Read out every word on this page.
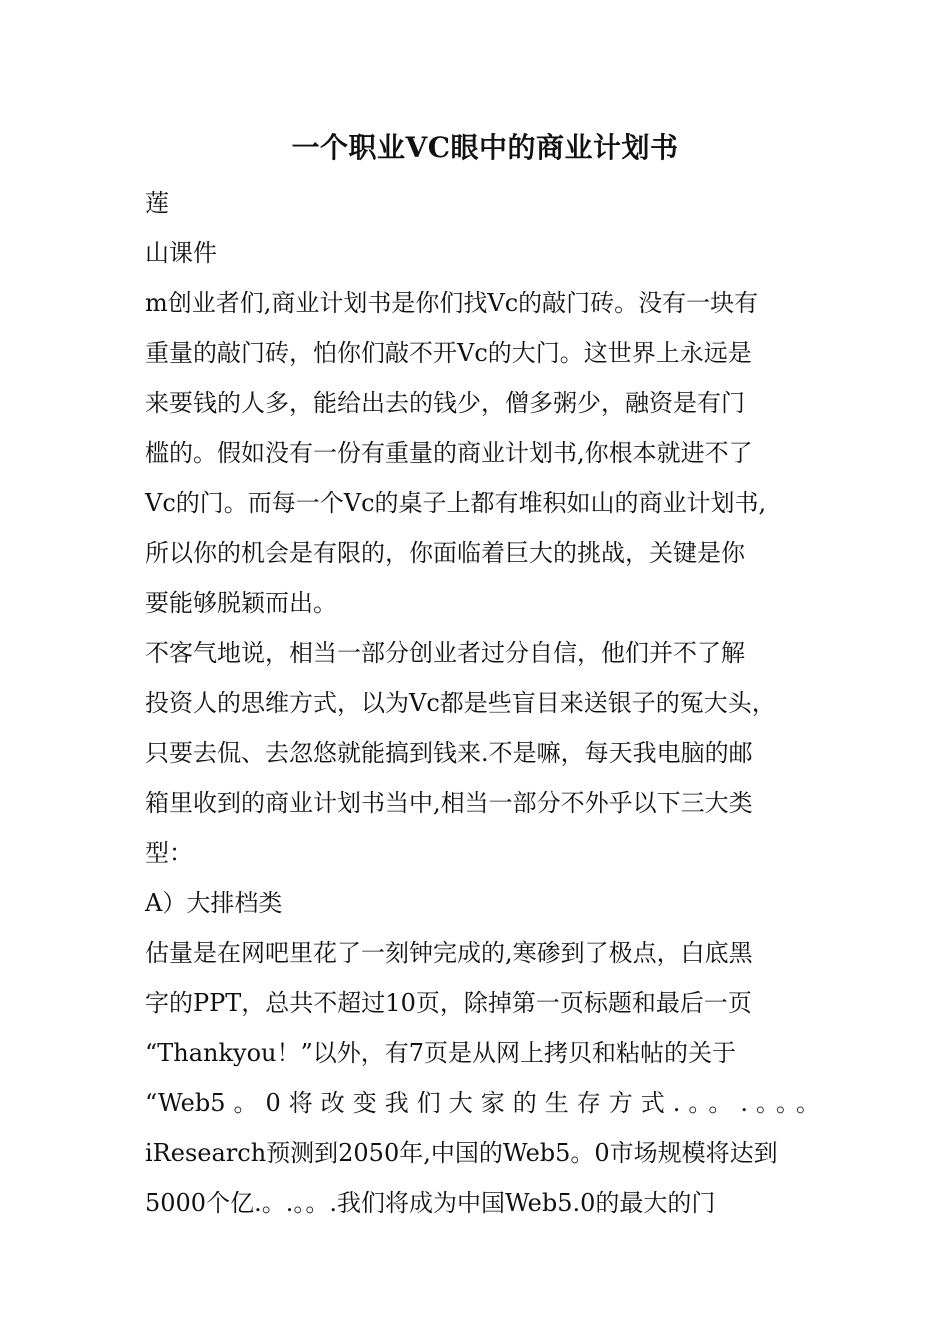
一个职业VC眼中的商业计划书
莲
山课件
m创业者们,商业计划书是你们找Vc的敲门砖。没有一块有
重量的敲门砖，怕你们敲不开Vc的大门。这世界上永远是
来要钱的人多，能给出去的钱少，僧多粥少，融资是有门
槛的。假如没有一份有重量的商业计划书,你根本就进不了
Vc的门。而每一个Vc的桌子上都有堆积如山的商业计划书,
所以你的机会是有限的，你面临着巨大的挑战，关键是你
要能够脱颖而出。
不客气地说，相当一部分创业者过分自信，他们并不了解
投资人的思维方式，以为Vc都是些盲目来送银子的冤大头，
只要去侃、去忽悠就能搞到钱来.不是嘛，每天我电脑的邮
箱里收到的商业计划书当中,相当一部分不外乎以下三大类
型：
A）大排档类
估量是在网吧里花了一刻钟完成的,寒碜到了极点，白底黑
字的PPT，总共不超过10页，除掉第一页标题和最后一页
“Thankyou！”以外，有7页是从网上拷贝和粘帖的关于
“Web5。0将改变我们大家的生存方式.。。.。。。
iResearch预测到2050年,中国的Web5。0市场规模将达到
5000个亿.。.。。.我们将成为中国Web5.0的最大的门
